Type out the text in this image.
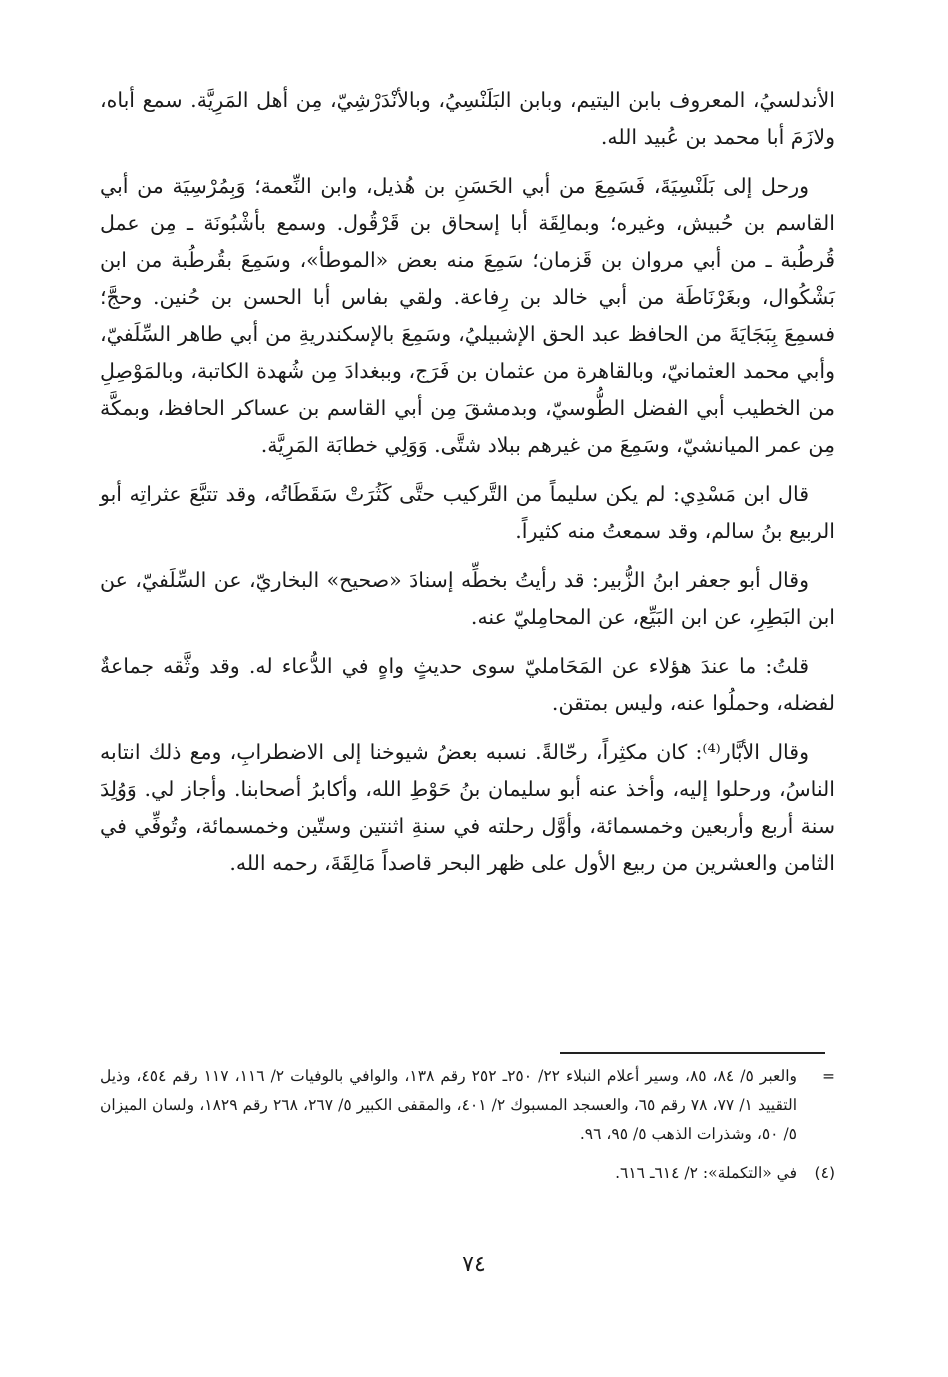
الأندلسيُ، المعروف بابن اليتيم، وبابن البَلَنْسِيُ، وبالأنْدَرْشِيّ، مِن أهل المَرِيَّة. سمع أباه، ولازَمَ أبا محمد بن عُبيد الله.

ورحل إلى بَلَنْسِيَةَ، فَسَمِعَ من أبي الحَسَنِ بن هُذيل، وابن النِّعمة؛ وَبِمُرْسِيَة من أبي القاسم بن حُبيش، وغيره؛ وبمالِقَة أبا إسحاق بن قَرْقُول. وسمع بأشْبُونَة ـ مِن عمل قُرطُبة ـ من أبي مروان بن قَزمان؛ سَمِعَ منه بعض «الموطأ»، وسَمِعَ بقُرطُبة من ابن بَشْكُوال، وبغَرْنَاطَة من أبي خالد بن رِفاعة. ولقي بفاس أبا الحسن بن حُنين. وحجَّ؛ فسمِعَ بِبَجَايَةَ من الحافظ عبد الحق الإشبيليُ، وسَمِعَ بالإسكندريةِ من أبي طاهر السِّلَفيّ، وأبي محمد العثمانيّ، وبالقاهرة من عثمان بن فَرَج، وببغدادَ مِن شُهدة الكاتبة، وبالمَوْصِلِ من الخطيب أبي الفضل الطُّوسيّ، وبدمشقَ مِن أبي القاسم بن عساكر الحافظ، وبمكَّة مِن عمر الميانشيّ، وسَمِعَ من غيرهم ببلاد شتَّى. وَوَلِي خطابَة المَرِيَّة.

قال ابن مَسْدِي: لم يكن سليماً من التَّركيب حتَّى كَثُرَتْ سَقَطَاتُه، وقد تتبَّعَ عثراتِه أبو الربيع بنُ سالم، وقد سمعتُ منه كثيراً.

وقال أبو جعفر ابنُ الزُّبير: قد رأيتُ بخطِّه إسنادَ «صحيح» البخاريّ، عن السِّلَفيّ، عن ابن البَطِرِ، عن ابن البَيِّع، عن المحامِليّ عنه.

قلتُ: ما عندَ هؤلاء عن المَحَامليّ سوى حديثٍ واهٍ في الدُّعاء له. وقد وثَّقه جماعةٌ لفضله، وحملُوا عنه، وليس بمتقن.

وقال الأبَّار⁽⁴⁾: كان مكثِراً، رحّالةً. نسبه بعضُ شيوخنا إلى الاضطرابِ، ومع ذلك انتابه الناسُ، ورحلوا إليه، وأخذ عنه أبو سليمان بنُ حَوْطِ الله، وأكابرُ أصحابنا. وأجاز لي. وَوُلِدَ سنة أربع وأربعين وخمسمائة، وأوَّل رحلته في سنةِ اثنتين وستّين وخمسمائة، وتُوفِّي في الثامن والعشرين من ربيع الأول على ظهر البحر قاصداً مَالِقَةَ، رحمه الله.

=
والعبر ٥/ ٨٤، ٨٥، وسير أعلام النبلاء ٢٢/ ٢٥٠ـ ٢٥٢ رقم ١٣٨، والوافي بالوفيات ٢/ ١١٦، ١١٧ رقم ٤٥٤، وذيل التقييد ١/ ٧٧، ٧٨ رقم ٦٥، والعسجد المسبوك ٢/ ٤٠١، والمقفى الكبير ٥/ ٢٦٧، ٢٦٨ رقم ١٨٢٩، ولسان الميزان ٥/ ٥٠، وشذرات الذهب ٥/ ٩٥، ٩٦.
(٤)
في «التكملة»: ٢/ ٦١٤ـ ٦١٦.
٧٤
